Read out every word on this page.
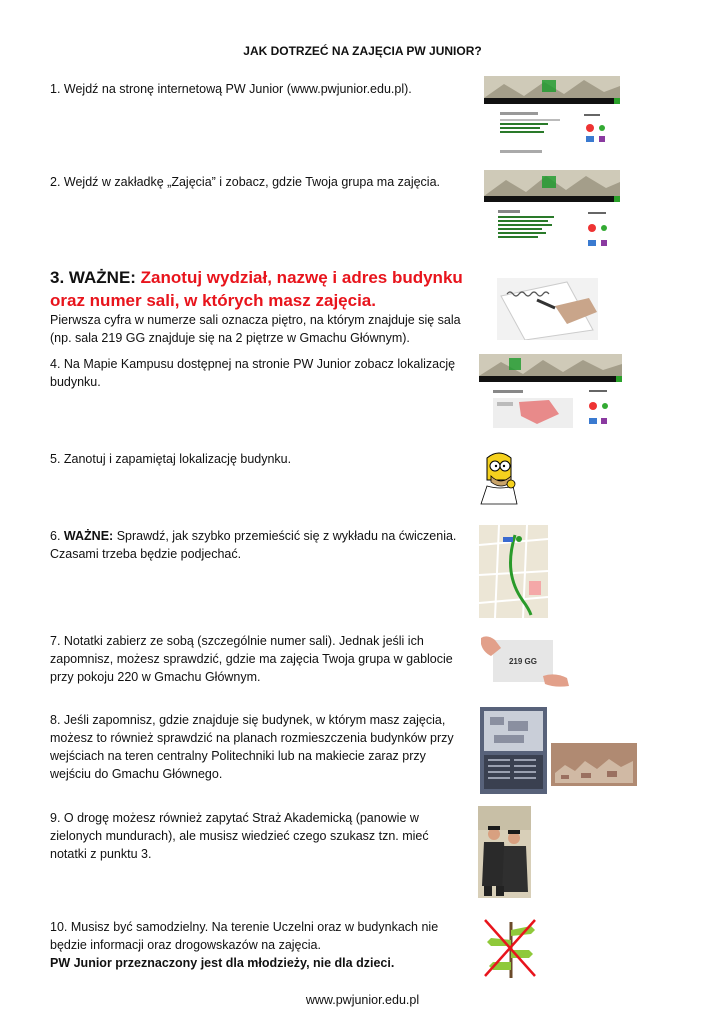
JAK DOTRZEĆ NA ZAJĘCIA PW JUNIOR?
1. Wejdź na stronę internetową PW Junior (www.pwjunior.edu.pl).
2. Wejdź w zakładkę „Zajęcia” i zobacz, gdzie Twoja grupa ma zajęcia.
3. WAŻNE: Zanotuj wydział, nazwę i adres budynku oraz numer sali, w których masz zajęcia.
Pierwsza cyfra w numerze sali oznacza piętro, na którym znajduje się sala (np. sala 219 GG znajduje się na 2 piętrze w Gmachu Głównym).
4. Na Mapie Kampusu dostępnej na stronie PW Junior zobacz lokalizację budynku.
5. Zanotuj i zapamiętaj lokalizację budynku.
6. WAŻNE: Sprawdź, jak szybko przemieścić się z wykładu na ćwiczenia. Czasami trzeba będzie podjechać.
7. Notatki zabierz ze sobą (szczególnie numer sali). Jednak jeśli ich zapomnisz, możesz sprawdzić, gdzie ma zajęcia Twoja grupa w gablocie przy pokoju 220 w Gmachu Głównym.
8. Jeśli zapomnisz, gdzie znajduje się budynek, w którym masz zajęcia, możesz to również sprawdzić na planach rozmieszczenia budynków przy wejściach na teren centralny Politechniki lub na makiecie zaraz przy wejściu do Gmachu Głównego.
9. O drogę możesz również zapytać Straż Akademicką (panowie w zielonych mundurach), ale musisz wiedzieć czego szukasz tzn. mieć notatki z punktu 3.
10. Musisz być samodzielny. Na terenie Uczelni oraz w budynkach nie będzie informacji oraz drogowskazów na zajęcia.
PW Junior przeznaczony jest dla młodzieży, nie dla dzieci.
219 GG
www.pwjunior.edu.pl
